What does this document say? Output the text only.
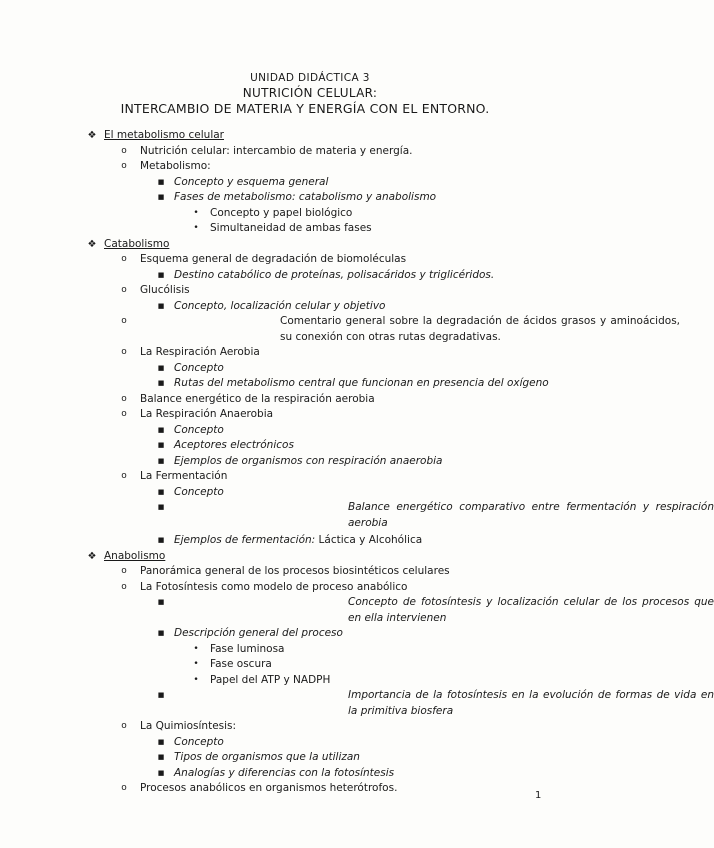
UNIDAD DIDÁCTICA 3
NUTRICIÓN CELULAR:
INTERCAMBIO DE MATERIA Y ENERGÍA CON EL ENTORNO.
❖ El metabolismo celular
o	Nutrición celular: intercambio de materia y energía.
o	Metabolismo:
■ Concepto y esquema general
■ Fases de metabolismo: catabolismo y anabolismo
•	Concepto y papel biológico
•	Simultaneidad de ambas fases
❖ Catabolismo
o	Esquema general de degradación de biomoléculas
■ Destino catabólico de proteínas, polisacáridos y triglicéridos.
o	Glucólisis
■ Concepto, localización celular y objetivo
o	Comentario general sobre la degradación de ácidos grasos y aminoácidos, su conexión con otras rutas degradativas.
o	La Respiración Aerobia
■ Concepto
■ Rutas del metabolismo central que funcionan en presencia del oxígeno
o	Balance energético de la respiración aerobia
o	La Respiración Anaerobia
■ Concepto
■ Aceptores electrónicos
■ Ejemplos de organismos con respiración anaerobia
o	La Fermentación
■ Concepto
■	Balance energético comparativo entre fermentación y respiración aerobia
■ Ejemplos de fermentación: Láctica y Alcohólica
❖ Anabolismo
o	Panorámica general de los procesos biosintéticos celulares
o	La Fotosíntesis como modelo de proceso anabólico
■	Concepto de fotosíntesis y localización celular de los procesos que en ella intervienen
■ Descripción general del proceso
•	Fase luminosa
•	Fase oscura
•	Papel del ATP y NADPH
■	Importancia de la fotosíntesis en la evolución de formas de vida en la primitiva biosfera
o	La Quimiosíntesis:
■ Concepto
■ Tipos de organismos que la utilizan
■ Analogías y diferencias con la fotosíntesis
o	Procesos anabólicos en organismos heterótrofos.
1
